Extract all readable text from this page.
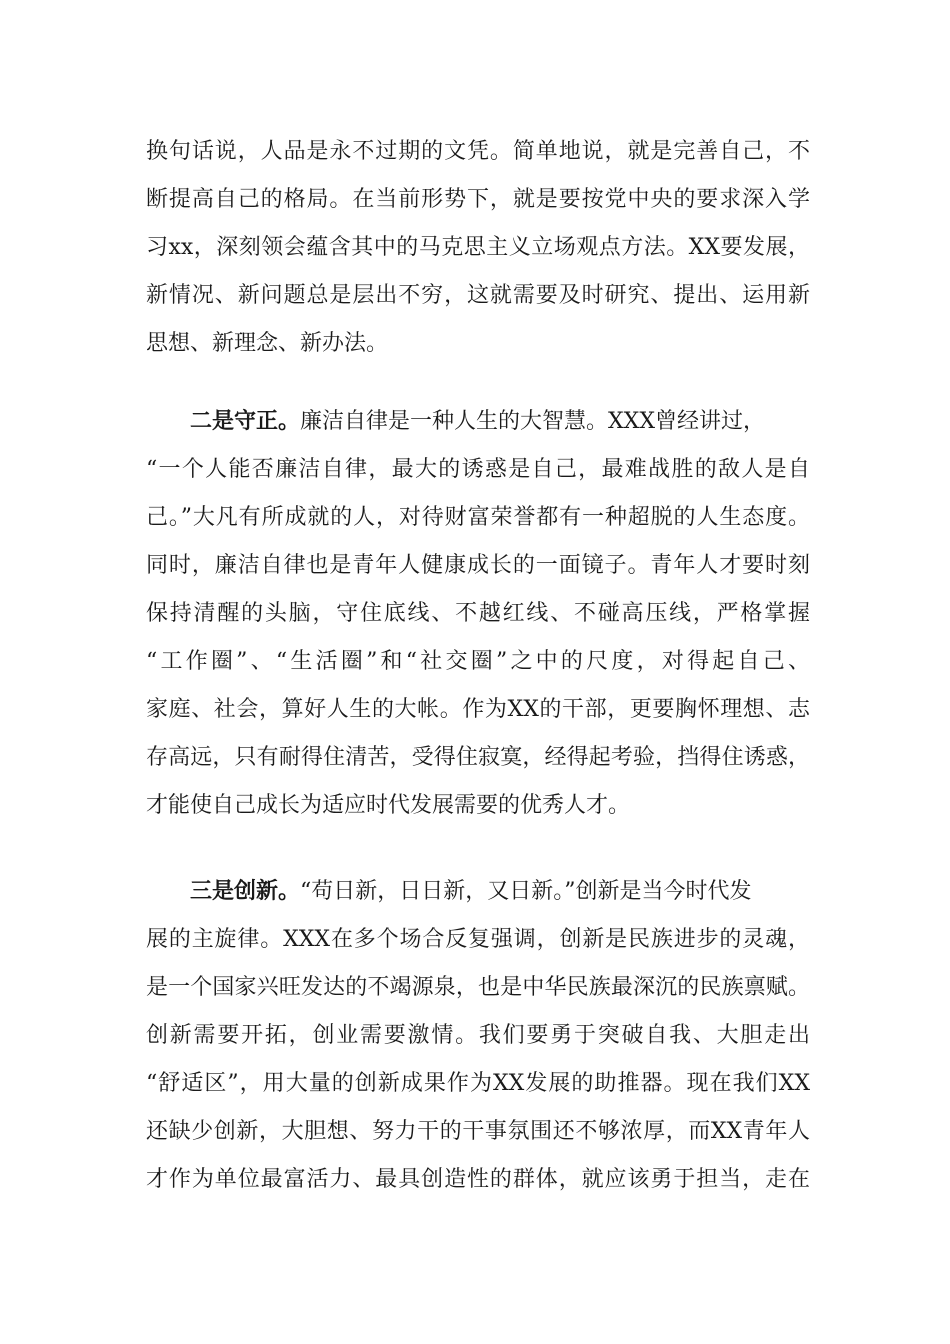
换句话说，人品是永不过期的文凭。简单地说，就是完善自己，不
断提高自己的格局。在当前形势下，就是要按党中央的要求深入学
习xx，深刻领会蕴含其中的马克思主义立场观点方法。XX要发展，
新情况、新问题总是层出不穷，这就需要及时研究、提出、运用新
思想、新理念、新办法。
二是守正。廉洁自律是一种人生的大智慧。XXX曾经讲过，
“一个人能否廉洁自律，最大的诱惑是自己，最难战胜的敌人是自
己。”大凡有所成就的人，对待财富荣誉都有一种超脱的人生态度。
同时，廉洁自律也是青年人健康成长的一面镜子。青年人才要时刻
保持清醒的头脑，守住底线、不越红线、不碰高压线，严格掌握
“工作圈”、“生活圈”和“社交圈”之中的尺度，对得起自己、
家庭、社会，算好人生的大帐。作为XX的干部，更要胸怀理想、志
存高远，只有耐得住清苦，受得住寂寞，经得起考验，挡得住诱惑，
才能使自己成长为适应时代发展需要的优秀人才。
三是创新。“苟日新，日日新，又日新。”创新是当今时代发
展的主旋律。XXX在多个场合反复强调，创新是民族进步的灵魂，
是一个国家兴旺发达的不竭源泉，也是中华民族最深沉的民族禀赋。
创新需要开拓，创业需要激情。我们要勇于突破自我、大胆走出
“舒适区”，用大量的创新成果作为XX发展的助推器。现在我们XX
还缺少创新，大胆想、努力干的干事氛围还不够浓厚，而XX青年人
才作为单位最富活力、最具创造性的群体，就应该勇于担当，走在
